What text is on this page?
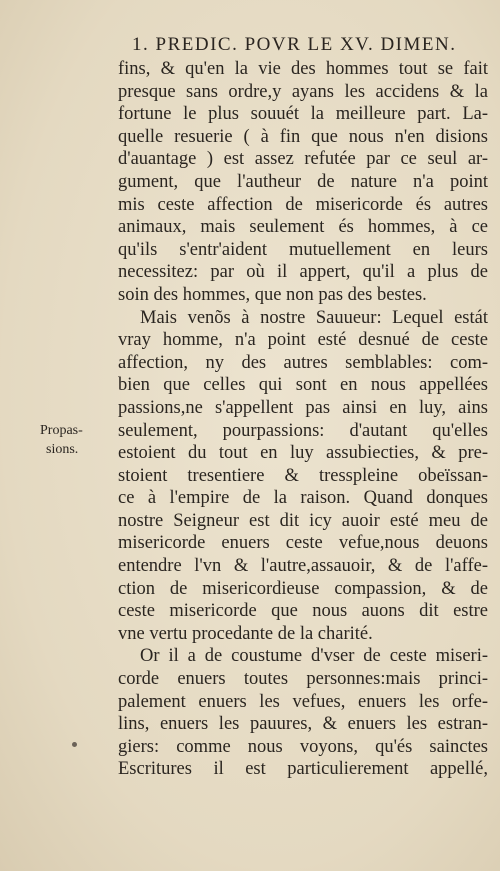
1. PREDIC. POVR LE XV. DIMEN.
fins, & qu'en la vie des hommes tout se fait
presque sans ordre,y ayans les accidens & la
fortune le plus souuét la meilleure part. La-
quelle resuerie ( à fin que nous n'en disions
d'auantage ) est assez refutée par ce seul ar-
gument, que l'autheur de nature n'a point
mis ceste affection de misericorde és autres
animaux, mais seulement és hommes, à ce
qu'ils s'entr'aident mutuellement en leurs
necessitez: par où il appert, qu'il a plus de
soin des hommes, que non pas des bestes.
Mais venõs à nostre Sauueur: Lequel estát
vray homme, n'a point esté desnué de ceste
affection, ny des autres semblables: com-
bien que celles qui sont en nous appellées
passions,ne s'appellent pas ainsi en luy, ains
seulement, pourpassions: d'autant qu'elles
estoient du tout en luy assubiecties, & pre-
stoient tresentiere & tresspleine obeïssan-
ce à l'empire de la raison. Quand donques
nostre Seigneur est dit icy auoir esté meu de
misericorde enuers ceste vefue,nous deuons
entendre l'vn & l'autre,assauoir, & de l'affe-
ction de misericordieuse compassion, & de
ceste misericorde que nous auons dit estre
vne vertu procedante de la charité.
Or il a de coustume d'vser de ceste miseri-
corde enuers toutes personnes:mais princi-
palement enuers les vefues, enuers les orfe-
lins, enuers les pauures, & enuers les estran-
giers: comme nous voyons, qu'és sainctes
Escritures il est particulierement appellé,
Propas-
sions.
